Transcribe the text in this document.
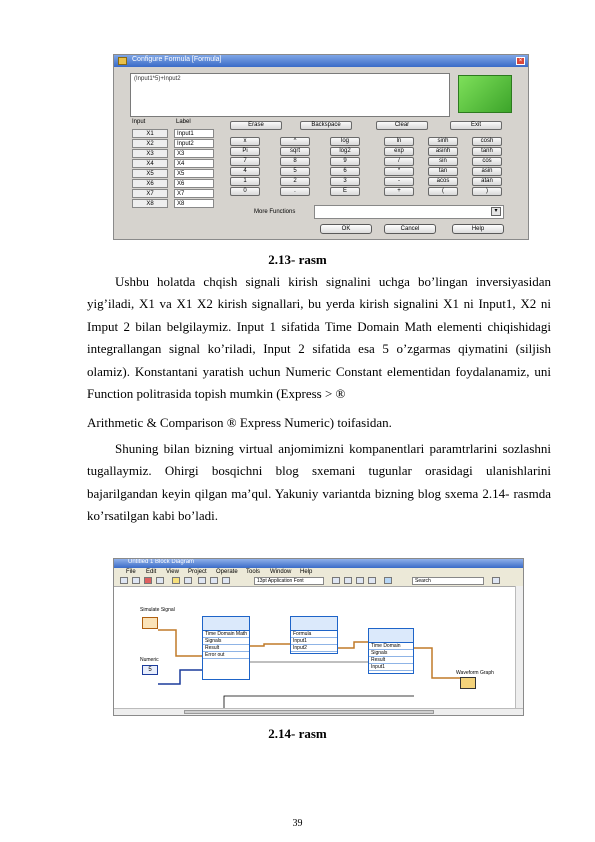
Configure Formula [Formula]	×
(Input1*5)+Input2
Input	Label	Erase	Backspace	Clear	Exit
More Functions	▾
OK	Cancel	Help
X1	Input1
X2	Input2
X3	X3
X4	X4
X5	X5
X6	X6
X7	X7
X8	X8
x	^	log	ln	sinh	cosh
Pi	sqrt	log2	exp	asinh	tanh
7	8	9	/	sin	cos
4	5	6	*	tan	asin
1	2	3	-	acos	atan
0	.	E	+	(	)
2.13- rasm
Ushbu holatda chqish signali kirish signalini uchga bo’lingan inversiyasidan yig’iladi, X1 va X1 X2 kirish signallari, bu yerda kirish signalini X1 ni Input1, X2 ni Imput 2 bilan belgilaymiz. Input 1 sifatida Time Domain Math elementi chiqishidagi integrallangan signal ko’riladi, Input 2 sifatida esa 5 o’zgarmas qiymatini (siljish olamiz). Konstantani yaratish uchun Numeric Constant elementidan foydalanamiz, uni Function politrasida topish mumkin (Express > ®
Arithmetic & Comparison ® Express Numeric) toifasidan.
Shuning bilan bizning virtual anjomimizni kompanentlari paramtrlarini sozlashni tugallaymiz. Ohirgi bosqichni blog sxemani tugunlar orasidagi ulanishlarini bajarilgandan keyin qilgan ma’qul. Yakuniy variantda bizning blog sxema 2.14- rasmda ko’rsatilgan kabi bo’ladi.
Untitled 1 Block Diagram
File Edit View Project Operate Tools Window Help
13pt Application Font	Search
Simulate Signal
Numeric
5
Time Domain Math
Signals
Result
Error out
Formula
Input1
Input2	Time Domain
Signals
Result
Input1
Waveform Graph
2.14- rasm
39
